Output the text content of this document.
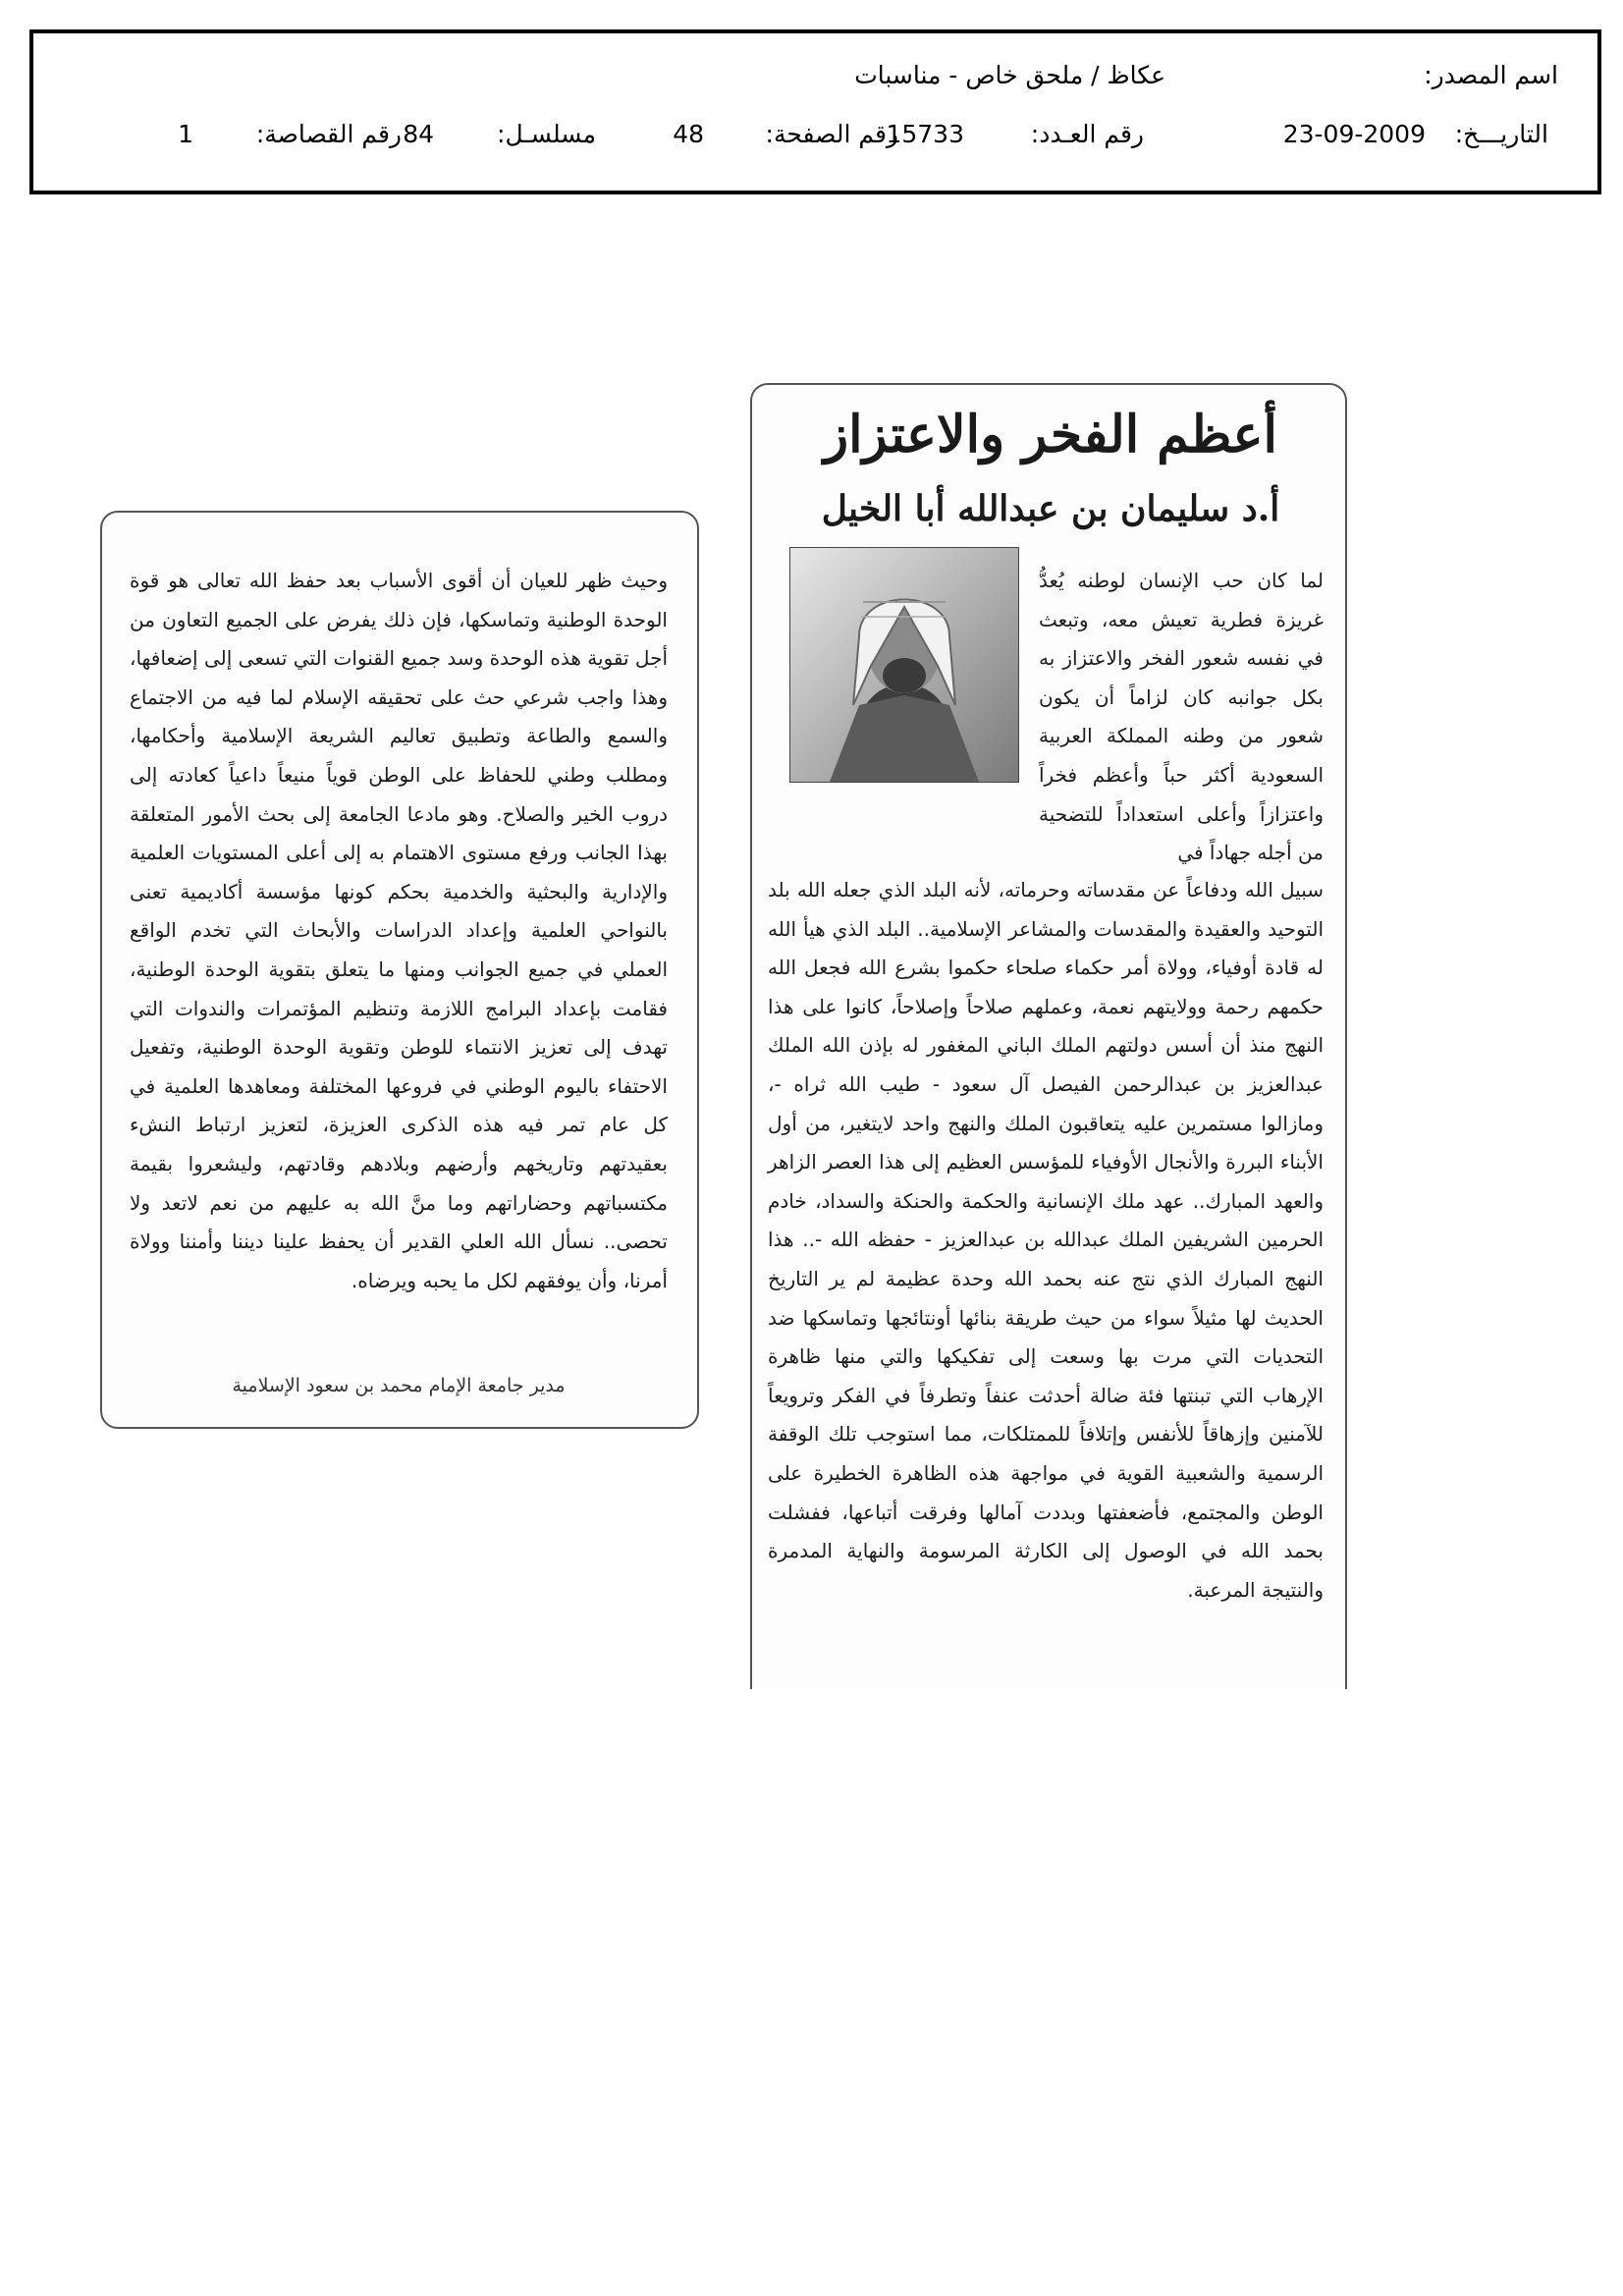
اسم المصدر:
عكاظ / ملحق خاص - مناسبات
التاريـــخ:
23-09-2009
رقم العـدد:
15733
رقم الصفحة:
48
مسلسـل:
84
رقم القصاصة:
1
أعظم الفخر والاعتزاز
أ.د سليمان بن عبدالله أبا الخيل

لما كان حب الإنسان لوطنه يُعدُّ غريزة فطرية تعيش معه، وتبعث في نفسه شعور الفخر والاعتزاز به بكل جوانبه كان لزاماً أن يكون شعور من وطنه المملكة العربية السعودية أكثر حباً وأعظم فخراً واعتزازاً وأعلى استعداداً للتضحية من أجله جهاداً في

سبيل الله ودفاعاً عن مقدساته وحرماته، لأنه البلد الذي جعله الله بلد التوحيد والعقيدة والمقدسات والمشاعر الإسلامية.. البلد الذي هيأ الله له قادة أوفياء، وولاة أمر حكماء صلحاء حكموا بشرع الله فجعل الله حكمهم رحمة وولايتهم نعمة، وعملهم صلاحاً وإصلاحاً، كانوا على هذا النهج منذ أن أسس دولتهم الملك الباني المغفور له بإذن الله الملك عبدالعزيز بن عبدالرحمن الفيصل آل سعود - طيب الله ثراه -، ومازالوا مستمرين عليه يتعاقبون الملك والنهج واحد لايتغير، من أول الأبناء البررة والأنجال الأوفياء للمؤسس العظيم إلى هذا العصر الزاهر والعهد المبارك.. عهد ملك الإنسانية والحكمة والحنكة والسداد، خادم الحرمين الشريفين الملك عبدالله بن عبدالعزيز - حفظه الله -.. هذا النهج المبارك الذي نتج عنه بحمد الله وحدة عظيمة لم ير التاريخ الحديث لها مثيلاً سواء من حيث طريقة بنائها أونتائجها وتماسكها ضد التحديات التي مرت بها وسعت إلى تفكيكها والتي منها ظاهرة الإرهاب التي تبنتها فئة ضالة أحدثت عنفاً وتطرفاً في الفكر وترويعاً للآمنين وإزهاقاً للأنفس وإتلافاً للممتلكات، مما استوجب تلك الوقفة الرسمية والشعبية القوية في مواجهة هذه الظاهرة الخطيرة على الوطن والمجتمع، فأضعفتها وبددت آمالها وفرقت أتباعها، ففشلت بحمد الله في الوصول إلى الكارثة المرسومة والنهاية المدمرة والنتيجة المرعبة.

وحيث ظهر للعيان أن أقوى الأسباب بعد حفظ الله تعالى هو قوة الوحدة الوطنية وتماسكها، فإن ذلك يفرض على الجميع التعاون من أجل تقوية هذه الوحدة وسد جميع القنوات التي تسعى إلى إضعافها، وهذا واجب شرعي حث على تحقيقه الإسلام لما فيه من الاجتماع والسمع والطاعة وتطبيق تعاليم الشريعة الإسلامية وأحكامها، ومطلب وطني للحفاظ على الوطن قوياً منيعاً داعياً كعادته إلى دروب الخير والصلاح. وهو مادعا الجامعة إلى بحث الأمور المتعلقة بهذا الجانب ورفع مستوى الاهتمام به إلى أعلى المستويات العلمية والإدارية والبحثية والخدمية بحكم كونها مؤسسة أكاديمية تعنى بالنواحي العلمية وإعداد الدراسات والأبحاث التي تخدم الواقع العملي في جميع الجوانب ومنها ما يتعلق بتقوية الوحدة الوطنية، فقامت بإعداد البرامج اللازمة وتنظيم المؤتمرات والندوات التي تهدف إلى تعزيز الانتماء للوطن وتقوية الوحدة الوطنية، وتفعيل الاحتفاء باليوم الوطني في فروعها المختلفة ومعاهدها العلمية في كل عام تمر فيه هذه الذكرى العزيزة، لتعزيز ارتباط النشء بعقيدتهم وتاريخهم وأرضهم وبلادهم وقادتهم، وليشعروا بقيمة مكتسباتهم وحضاراتهم وما منَّ الله به عليهم من نعم لاتعد ولا تحصى.. نسأل الله العلي القدير أن يحفظ علينا ديننا وأمننا وولاة أمرنا، وأن يوفقهم لكل ما يحبه ويرضاه.

مدير جامعة الإمام محمد بن سعود الإسلامية
